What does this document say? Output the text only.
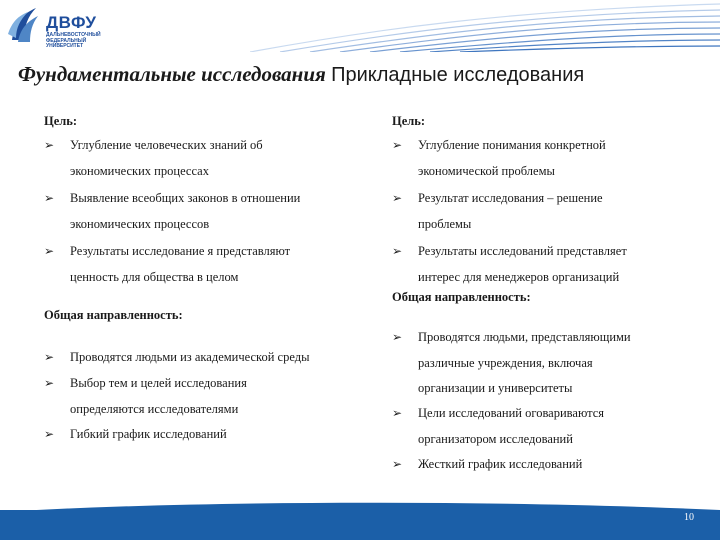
ДВФУ
ДАЛЬНЕВОСТОЧНЫЙ
ФЕДЕРАЛЬНЫЙ
УНИВЕРСИТЕТ
Фундаментальные исследования Прикладные исследования
Цель:
➢ Углубление человеческих знаний об
экономических процессах
➢ Выявление всеобщих законов в отношении
экономических процессов
➢ Результаты исследование я представляют
ценность для общества в целом
Общая направленность:
➢ Проводятся людьми из академической среды
➢ Выбор тем и целей исследования
определяются исследователями
➢ Гибкий график исследований
Цель:
➢ Углубление понимания конкретной
экономической проблемы
➢ Результат исследования – решение
проблемы
➢ Результаты исследований представляет
интерес для менеджеров организаций
Общая направленность:
➢ Проводятся людьми, представляющими
различные учреждения, включая
организации и университеты
➢ Цели исследований оговариваются
организатором исследований
➢ Жесткий график исследований
10
